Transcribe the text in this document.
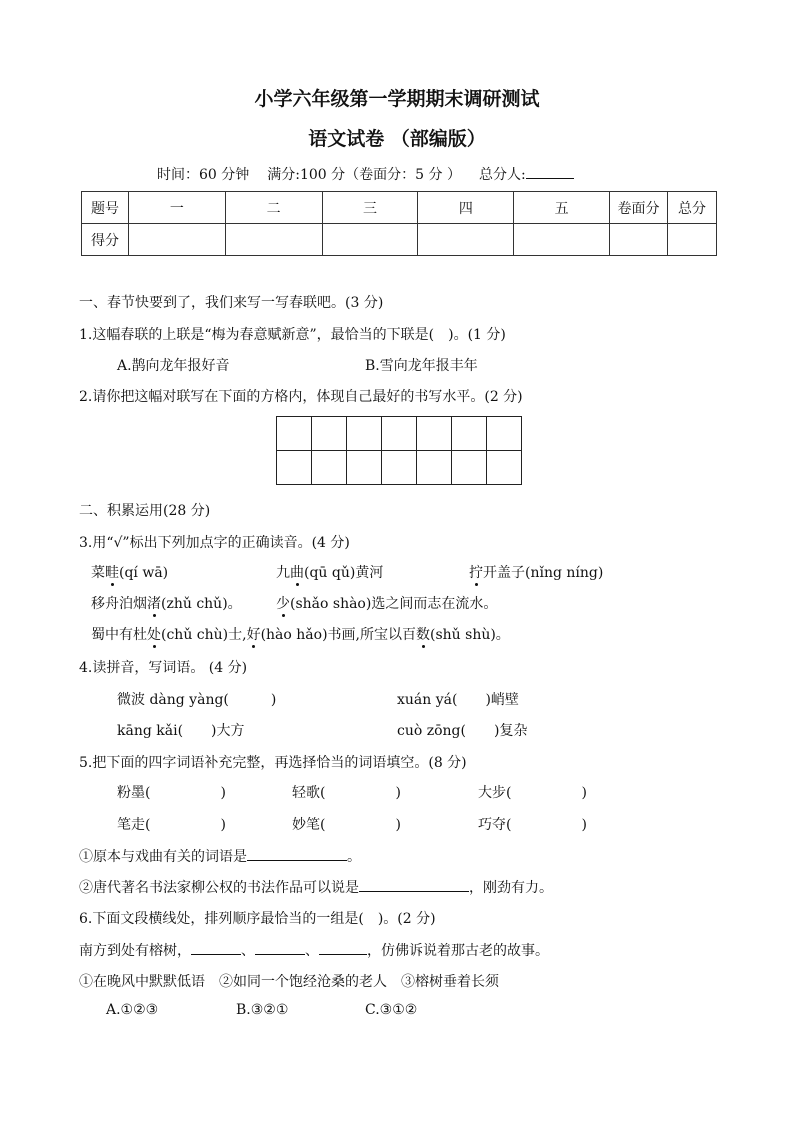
小学六年级第一学期期末调研测试
语文试卷 （部编版）
时间：60 分钟 满分:100 分（卷面分：5 分 ） 总分人:
题号	一	二	三	四	五	卷面分	总分
得分							
一、春节快要到了，我们来写一写春联吧。(3 分)
1.这幅春联的上联是“梅为春意赋新意”，最恰当的下联是(　)。(1 分)
A.鹊向龙年报好音	B.雪向龙年报丰年
2.请你把这幅对联写在下面的方格内，体现自己最好的书写水平。(2 分)

二、积累运用(28 分)
3.用“√”标出下列加点字的正确读音。(4 分)
菜畦(qí wā)	九曲(qū qǔ)黄河	拧开盖子(nǐng níng)
移舟泊烟渚(zhǔ chǔ)。 少(shǎo shào)选之间而志在流水。
蜀中有杜处(chǔ chù)士,好(hào hǎo)书画,所宝以百数(shǔ shù)。
4.读拼音，写词语。 (4 分)
微波 dàng yàng(　　　)	xuán yá(　　)峭壁
kāng kǎi(　　)大方	cuò zōng(　　)复杂
5.把下面的四字词语补充完整，再选择恰当的词语填空。(8 分)
粉墨(　　　　　)	轻歌(　　　　　)	大步(　　　　　)
笔走(　　　　　)	妙笔(　　　　　)	巧夺(　　　　　)
①原本与戏曲有关的词语是	。
②唐代著名书法家柳公权的书法作品可以说是	，刚劲有力。
6.下面文段横线处，排列顺序最恰当的一组是(　)。(2 分)
南方到处有榕树，	、	、	，仿佛诉说着那古老的故事。
①在晚风中默默低语　②如同一个饱经沧桑的老人　③榕树垂着长须
A.①②③	B.③②①	C.③①②
